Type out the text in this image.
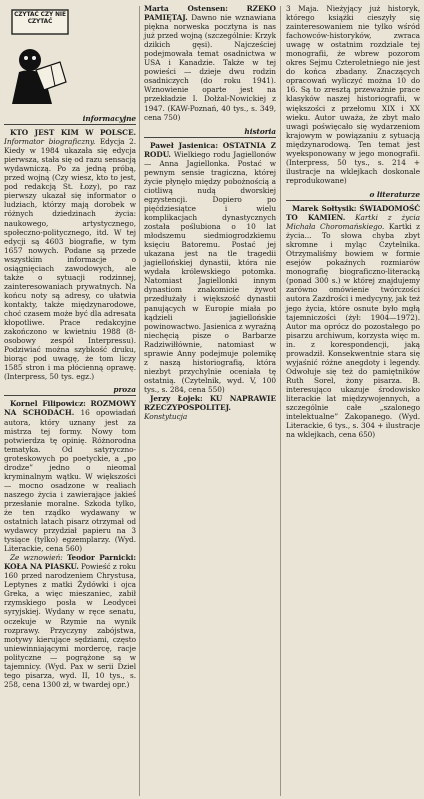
CZYTAĆ CZY NIE CZYTAĆ
informacyjne

KTO JEST KIM W POLSCE. Informator biograficzny. Edycja 2. Kiedy w 1984 ukazała się edycja pierwsza, stała się od razu sensacją wydawniczą. Po za jedną próbą, przed wojną (Czy wiesz, kto to jest, pod redakcją St. Łozy), po raz pierwszy ukazał się informator o ludziach, którzy mają dorobek w różnych dziedzinach życia: naukowego, artystycznego, społeczno-politycznego, itd. W tej edycji są 4603 biografie, w tym 1657 nowych. Podane są przede wszystkim informacje o osiągnięciach zawodowych, ale także o sytuacji rodzinnej, zainteresowaniach prywatnych. Na końcu noty są adresy, co ułatwia kontakty, także międzynarodowe, choć czasem może być dla adresata kłopotliwe. Prace redakcyjne zakończono w kwietniu 1988 (8-osobowy zespół Interpressu). Podziwiać można szybkość druku, biorąc pod uwagę, że tom liczy 1585 stron i ma płócienną oprawę. (Interpress, 50 tys. egz.)

proza

Kornel Filipowicz: ROZMOWY NA SCHODACH. 16 opowiadań autora, który uznany jest za mistrza tej formy. Nowy tom potwierdza tę opinię. Różnorodna tematyka. Od satyryczno-groteskowych po poetyckie, a „po drodze” jedno o nieomal kryminalnym wątku. W większości — mocno osadzone w realiach naszego życia i zawierające jakieś przesłanie moralne. Szkoda tylko, że ten rządko wydawany w ostatnich latach pisarz otrzymał od wydawcy przydział papieru na 3 tysiące (tylko) egzemplarzy. (Wyd. Literackie, cena 560)

Ze wznowień: Teodor Parnicki: KOŁA NA PIASKU. Powieść z roku 160 przed narodzeniem Chrystusa, Leptynes z matki Żydówki i ojca Greka, a więc mieszaniec, zabił rzymskiego posła w Leodycei syryjskiej. Wydany w ręce senatu, oczekuje w Rzymie na wynik rozprawy. Przyczyny zabójstwa, motywy kierujące sędziami, często uniewinniającymi mordercę, racje polityczne — pogrążone są w tajemnicy. (Wyd. Pax w serii Dziel tego pisarza, wyd. II, 10 tys., s. 258, cena 1300 zł, w twardej opr.)

Marta Ostensen:	RZEKO PAMIĘTAJ. Dawno nie wznawiana piękna norweska pocztyna is nas już przed wojną (szczególnie: Krzyk dzikich gęsi). Najcześciej podejmowała temat osadnictwa w USA i Kanadzie. Także w tej powieści — dzieje dwu rodzin osadniczych (do roku 1941). Wznowienie oparte jest na przekładzie I. Dołżal-Nowickiej z 1947. (KAW-Poznań, 40 tys., s. 349, cena 750)

historia

Paweł Jasienica: OSTATNIA Z RODU. Wielkiego rodu Jagiellonów — Anna Jagiellonka. Postać w pewnym sensie tragiczna, której życie płynęło między pobożnością a ciotliwą nudą dworskiej egzystencji. Dopiero po pięćdziesiątce i wielu komplikacjach dynastycznych została poślubiona o 10 lat młodszemu siedmiogrodzkiemu księciu Batoremu. Postać jej ukazana jest na tle tragedii jagiellońskiej dynastii, która nie wydała królewskiego potomka. Natomiast Jagiellonki innym dynastiom znakomicie żywot przedłużały i większość dynastii panujących w Europie miała po kądzieli jagiellońskie powinowactwo. Jasienica z wyraźną niechęcią pisze o Barbarze Radziwiłłównie, natomiast w sprawie Anny podejmuje polemikę z naszą historiografią, która niezbyt przychylnie oceniała tę ostatnią. (Czytelnik, wyd. V, 100 tys., s. 284, cena 550)

Jerzy Łojek: KU NAPRAWIE RZECZYPOSPOLITEJ. Konstytucja

3 Maja. Nieżyjący już historyk, którego książki cieszyły się zainteresowaniem nie tylko wśród fachowców-historyków, zwraca uwagę w ostatnim rozdziale tej monografii, że wbrew pozorom okres Sejmu Czteroletniego nie jest do końca zbadany. Znaczących opracowań wyliczyć można 10 do 16. Są to zresztą przeważnie prace klasyków naszej historiografii, w większości z przełomu XIX i XX wieku. Autor uważa, że zbyt mało uwagi poświęcało się wydarzeniom krajowym w powiązaniu z sytuacją międzynarodową. Ten temat jest wyeksponowany w jego monografii. (Interpress, 50 tys., s. 214 + ilustracje na wklejkach doskonale reprodukowane)

o literaturze

Marek Sołtysik: ŚWIADOMOŚĆ TO KAMIEN. Kartki z życia Michała Choromańskiego. Kartki z życia... To słowa chyba zbyt skromne i myląc Czytelnika. Otrzymaliśmy bowiem w formie esejów pokaźnych rozmiarów monografię biograficzno-literacką (ponad 300 s.) w której znajdujemy zarówno omówienie twórczości autora Zazdrości i medycyny, jak też jego życia, które osnute było mgłą tajemniczości (żył: 1904—1972). Autor ma oprócz do pozostałego po pisarzu archiwum, korzysta więc m. in. z korespondencji, jaką prowadził. Konsekwentnie stara się wyjaśnić różne anegdoty i legendy. Odwołuje się też do pamiętników Ruth Sorel, żony pisarza. B. interesująco ukazuje środowisko literackie lat międzywojennych, a szczególnie całe „szalonego intelektualne” Zakopanego. (Wyd. Literackie, 6 tys., s. 304 + ilustracje na wklejkach, cena 650)
